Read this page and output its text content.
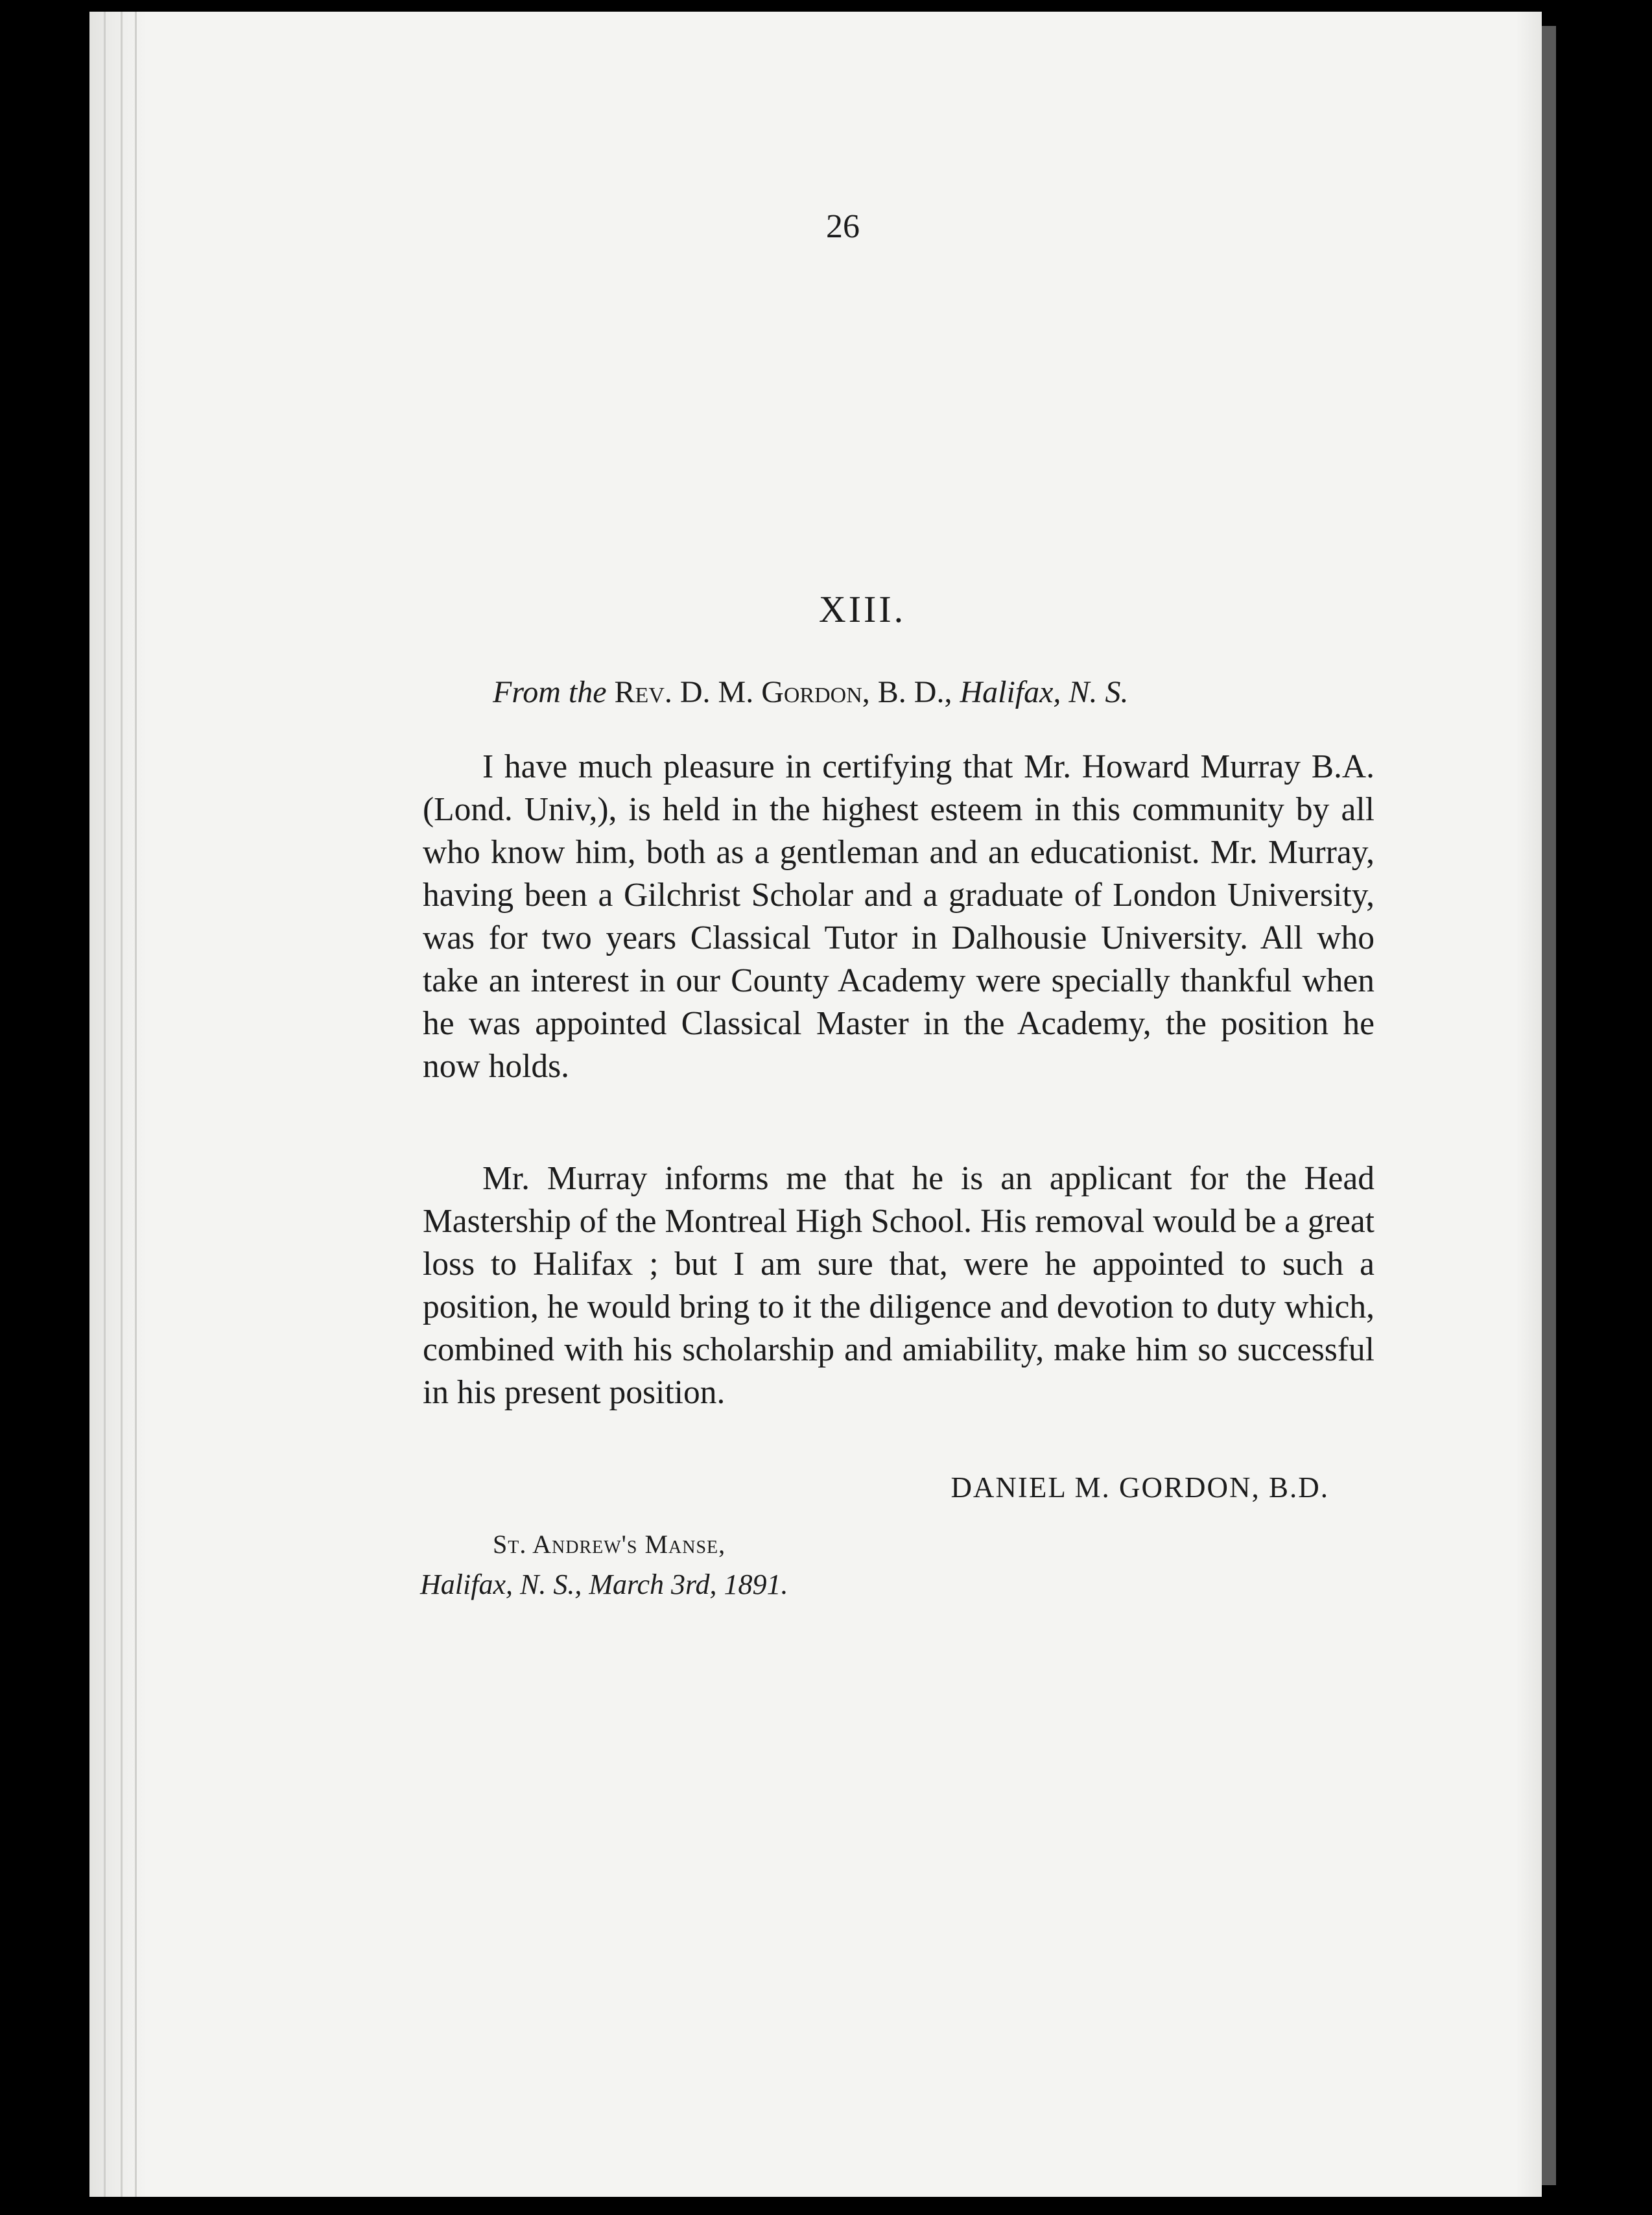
26
XIII.
From the Rev. D. M. Gordon, B. D., Halifax, N. S.

I have much pleasure in certifying that Mr. Howard Murray B.A. (Lond. Univ,), is held in the highest esteem in this community by all who know him, both as a gentleman and an educationist. Mr. Murray, having been a Gilchrist Scholar and a graduate of London University, was for two years Classical Tutor in Dalhousie University. All who take an interest in our County Academy were specially thankful when he was appointed Classical Master in the Academy, the position he now holds.

Mr. Murray informs me that he is an applicant for the Head Mastership of the Montreal High School. His removal would be a great loss to Halifax ; but I am sure that, were he appointed to such a position, he would bring to it the diligence and devotion to duty which, combined with his scholarship and amiability, make him so successful in his present position.

DANIEL M. GORDON, B.D.
St. Andrew's Manse,
Halifax, N. S., March 3rd, 1891.
